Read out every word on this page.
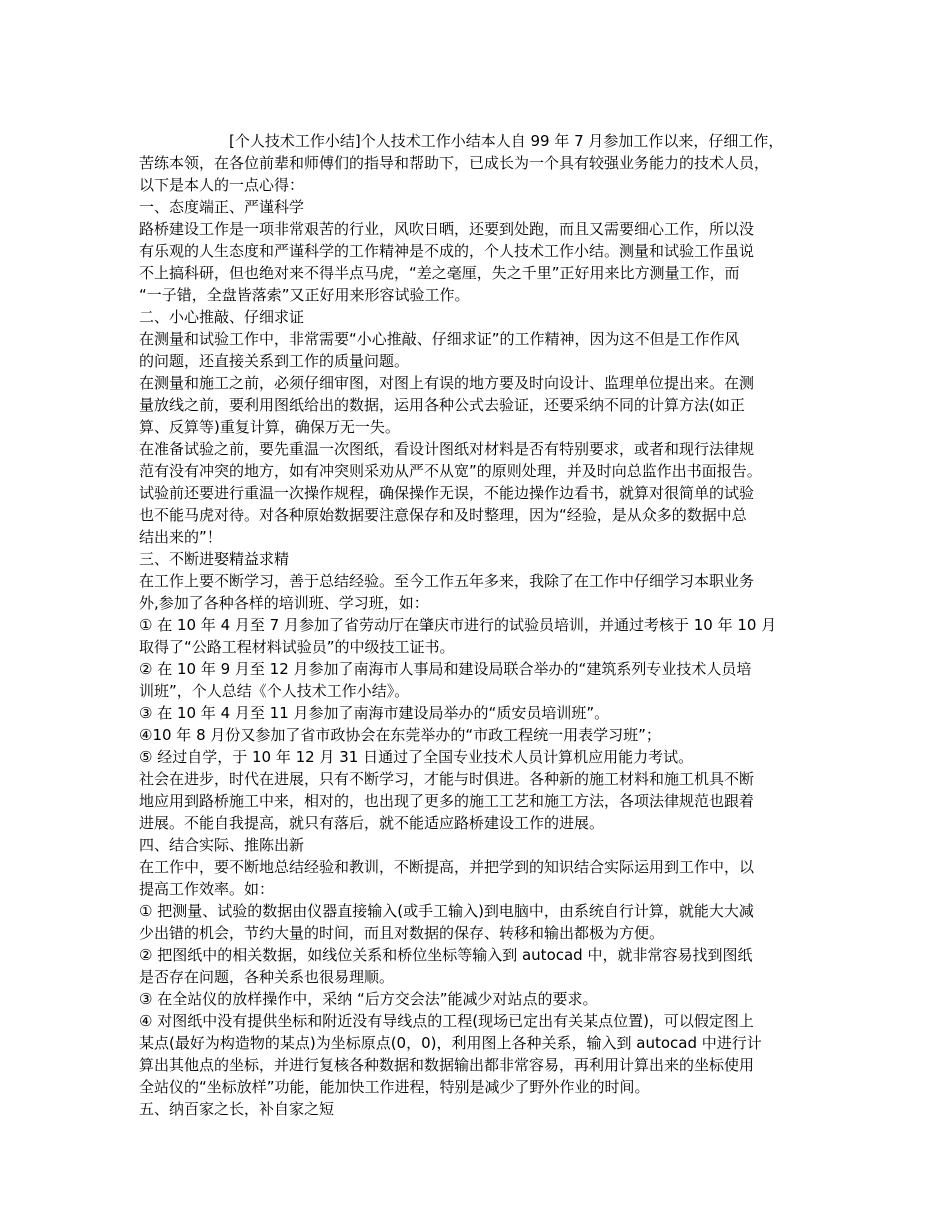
[个人技术工作小结]个人技术工作小结本人自 99 年 7 月参加工作以来，仔细工作，
苦练本领，在各位前辈和师傅们的指导和帮助下，已成长为一个具有较强业务能力的技术人员，
以下是本人的一点心得：
一、态度端正、严谨科学
路桥建设工作是一项非常艰苦的行业，风吹日晒，还要到处跑，而且又需要细心工作，所以没
有乐观的人生态度和严谨科学的工作精神是不成的，个人技术工作小结。测量和试验工作虽说
不上搞科研，但也绝对来不得半点马虎，“差之毫厘，失之千里”正好用来比方测量工作，而
“一子错，全盘皆落索”又正好用来形容试验工作。
二、小心推敲、仔细求证
在测量和试验工作中，非常需要“小心推敲、仔细求证”的工作精神，因为这不但是工作作风
的问题，还直接关系到工作的质量问题。
在测量和施工之前，必须仔细审图，对图上有误的地方要及时向设计、监理单位提出来。在测
量放线之前，要利用图纸给出的数据，运用各种公式去验证，还要采纳不同的计算方法(如正
算、反算等)重复计算，确保万无一失。
在准备试验之前，要先重温一次图纸，看设计图纸对材料是否有特别要求，或者和现行法律规
范有没有冲突的地方，如有冲突则采劝从严不从宽”的原则处理，并及时向总监作出书面报告。
试验前还要进行重温一次操作规程，确保操作无误，不能边操作边看书，就算对很简单的试验
也不能马虎对待。对各种原始数据要注意保存和及时整理，因为“经验，是从众多的数据中总
结出来的”！
三、不断进娶精益求精
在工作上要不断学习，善于总结经验。至今工作五年多来，我除了在工作中仔细学习本职业务
外,参加了各种各样的培训班、学习班，如：
① 在 10 年 4 月至 7 月参加了省劳动厅在肇庆市进行的试验员培训，并通过考核于 10 年 10 月
取得了“公路工程材料试验员”的中级技工证书。
② 在 10 年 9 月至 12 月参加了南海市人事局和建设局联合举办的“建筑系列专业技术人员培
训班”，个人总结《个人技术工作小结》。
③ 在 10 年 4 月至 11 月参加了南海市建设局举办的“质安员培训班”。
④10 年 8 月份又参加了省市政协会在东莞举办的“市政工程统一用表学习班”；
⑤ 经过自学，于 10 年 12 月 31 日通过了全国专业技术人员计算机应用能力考试。
社会在进步，时代在进展，只有不断学习，才能与时俱进。各种新的施工材料和施工机具不断
地应用到路桥施工中来，相对的，也出现了更多的施工工艺和施工方法，各项法律规范也跟着
进展。不能自我提高，就只有落后，就不能适应路桥建设工作的进展。
四、结合实际、推陈出新
在工作中，要不断地总结经验和教训，不断提高，并把学到的知识结合实际运用到工作中，以
提高工作效率。如：
① 把测量、试验的数据由仪器直接输入(或手工输入)到电脑中，由系统自行计算，就能大大减
少出错的机会，节约大量的时间，而且对数据的保存、转移和输出都极为方便。
② 把图纸中的相关数据，如线位关系和桥位坐标等输入到 autocad 中，就非常容易找到图纸
是否存在问题，各种关系也很易理顺。
③ 在全站仪的放样操作中，采纳 “后方交会法”能减少对站点的要求。
④ 对图纸中没有提供坐标和附近没有导线点的工程(现场已定出有关某点位置)，可以假定图上
某点(最好为构造物的某点)为坐标原点(0，0)，利用图上各种关系，输入到 autocad 中进行计
算出其他点的坐标，并进行复核各种数据和数据输出都非常容易，再利用计算出来的坐标使用
全站仪的“坐标放样”功能，能加快工作进程，特别是减少了野外作业的时间。
五、纳百家之长，补自家之短
